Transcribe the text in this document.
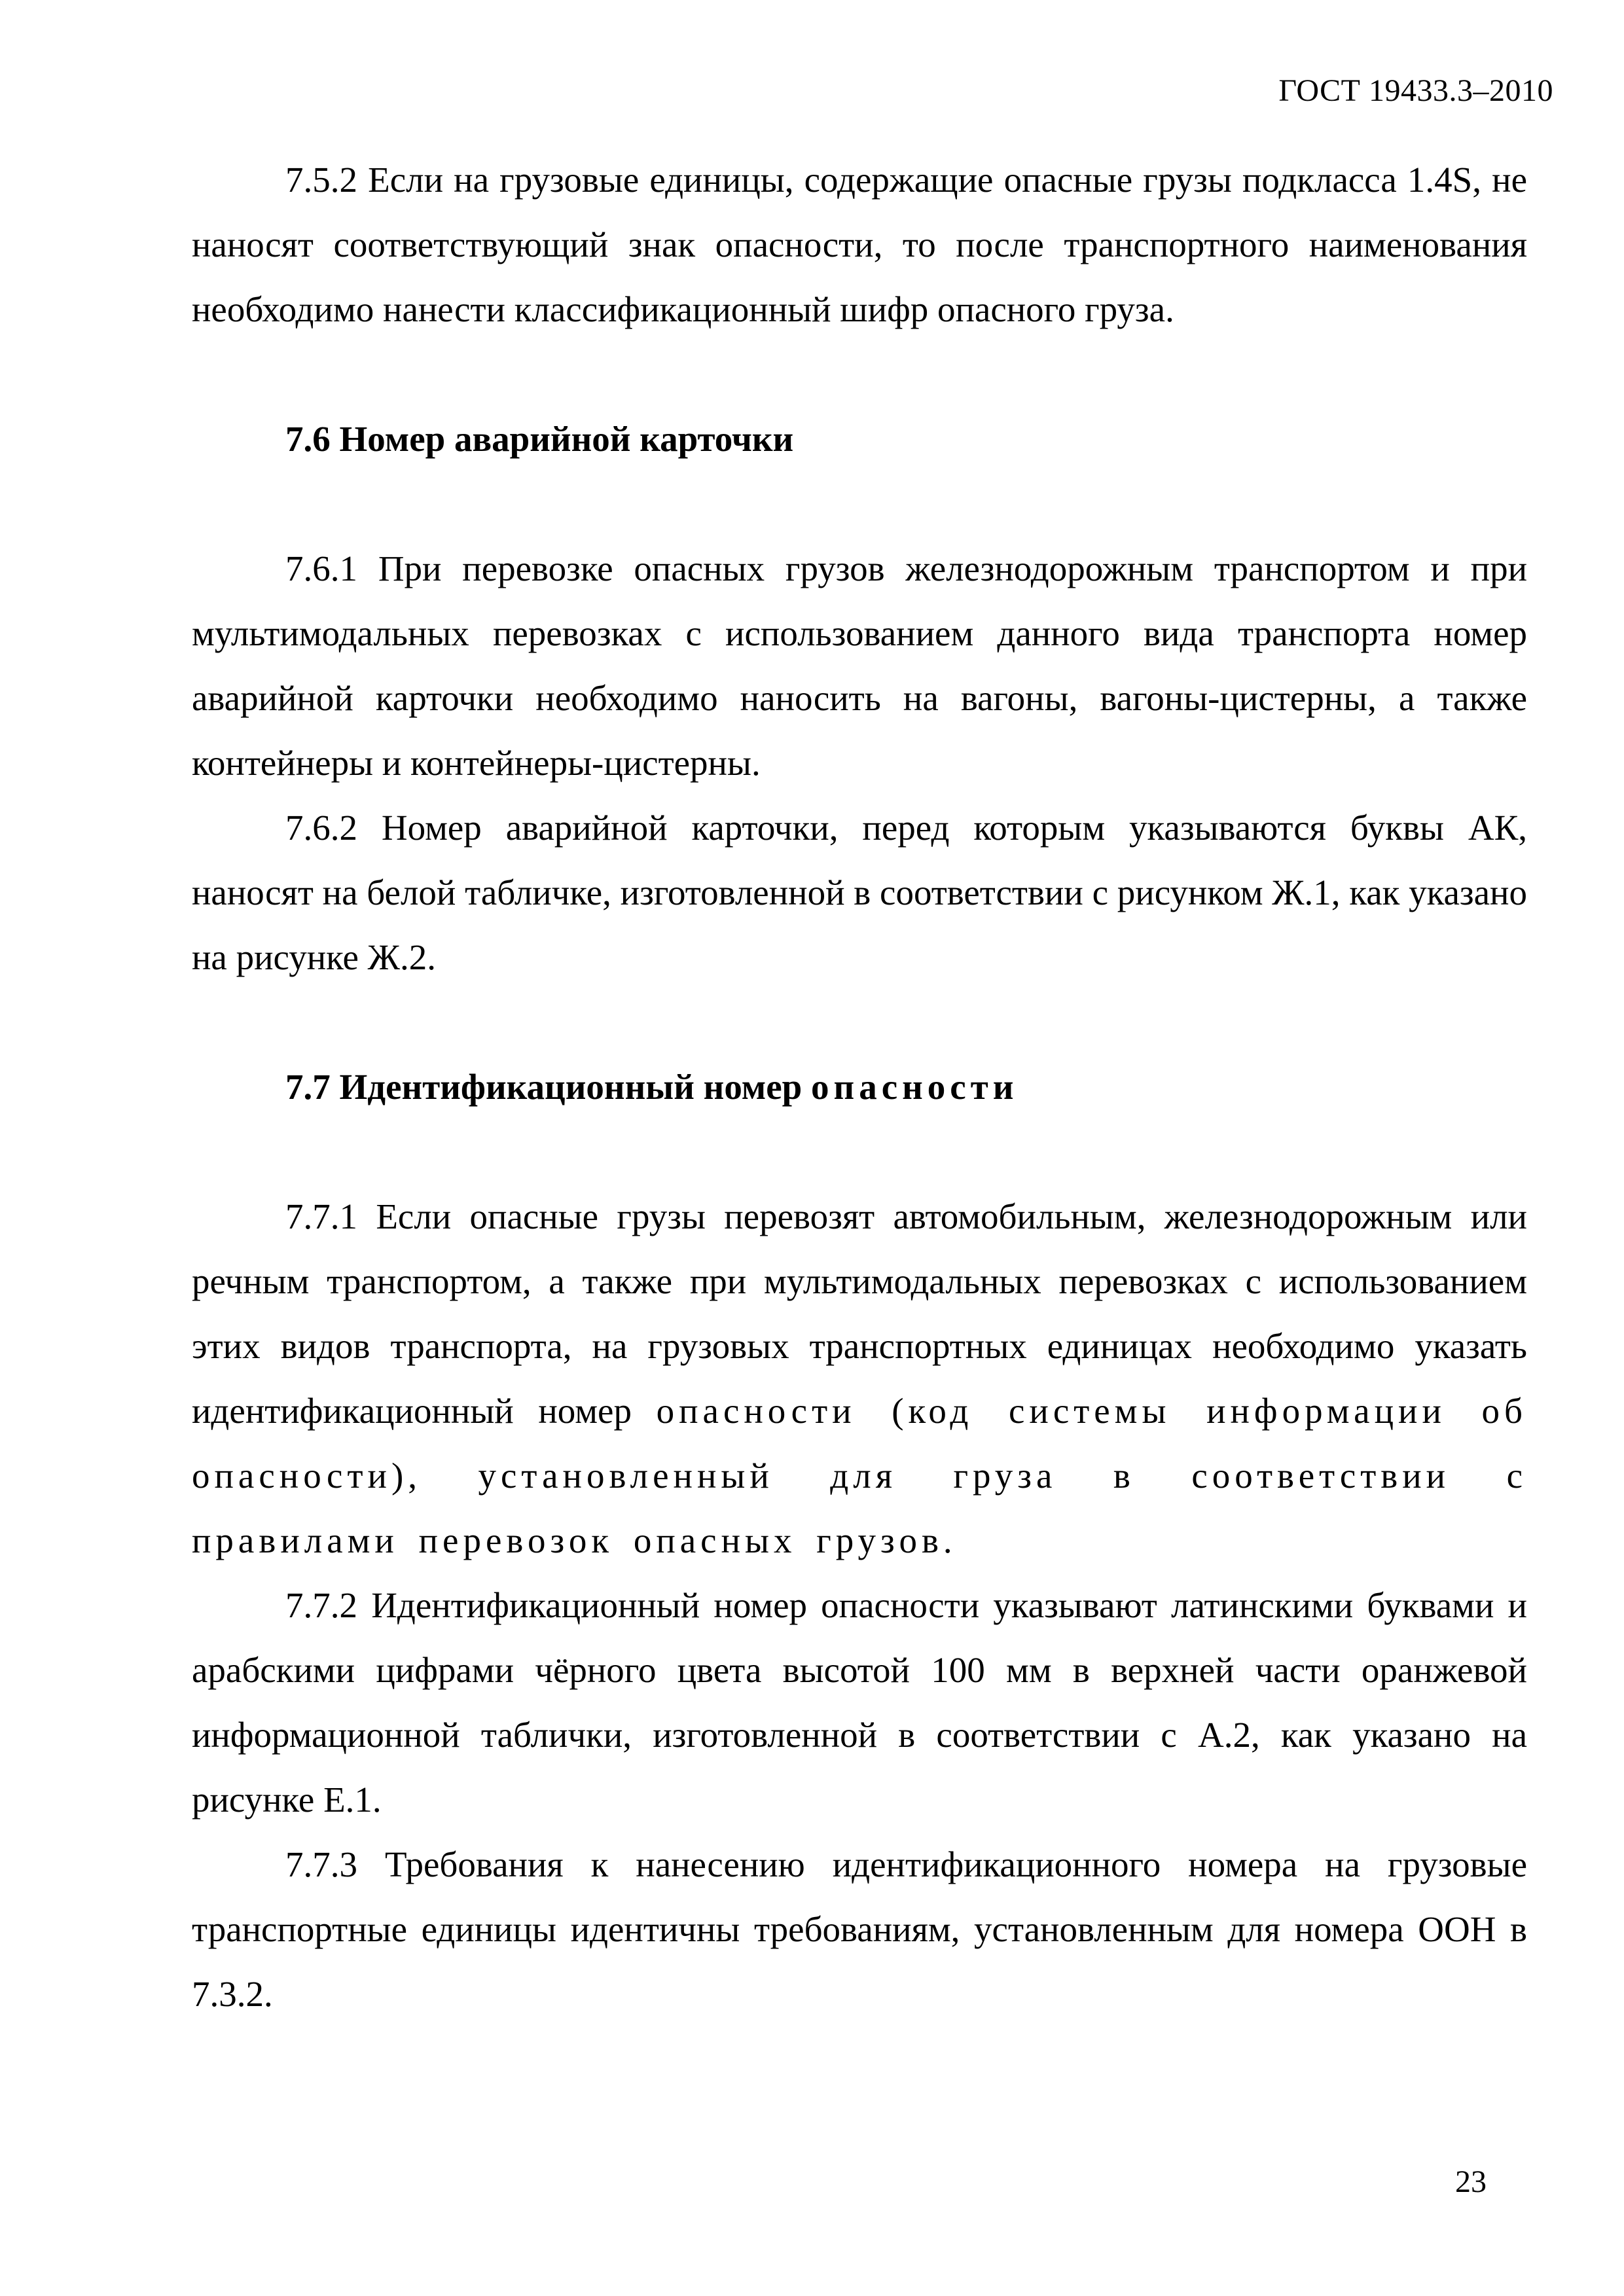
ГОСТ 19433.3–2010

7.5.2 Если на грузовые единицы, содержащие опасные грузы подкласса 1.4S, не наносят соответствующий знак опасности, то после транспортного наименования необходимо нанести классификационный шифр опасного груза.

7.6 Номер аварийной карточки

7.6.1 При перевозке опасных грузов железнодорожным транспортом и при мультимодальных перевозках с использованием данного вида транспорта номер аварийной карточки необходимо наносить на вагоны, вагоны-цистерны, а также контейнеры и контейнеры-цистерны.

7.6.2 Номер аварийной карточки, перед которым указываются буквы АК, наносят на белой табличке, изготовленной в соответствии с рисунком Ж.1, как указано на рисунке Ж.2.

7.7 Идентификационный номер опасности

7.7.1 Если опасные грузы перевозят автомобильным, железнодорожным или речным транспортом, а также при мультимодальных перевозках с использованием этих видов транспорта, на грузовых транспортных единицах необходимо указать идентификационный номер опасности (код системы информации об опасности), установленный для груза в соответствии с правилами перевозок опасных грузов.

7.7.2 Идентификационный номер опасности указывают латинскими буквами и арабскими цифрами чёрного цвета высотой 100 мм в верхней части оранжевой информационной таблички, изготовленной в соответствии с А.2, как указано на рисунке Е.1.

7.7.3 Требования к нанесению идентификационного номера на грузовые транспортные единицы идентичны требованиям, установленным для номера ООН в 7.3.2.

23
